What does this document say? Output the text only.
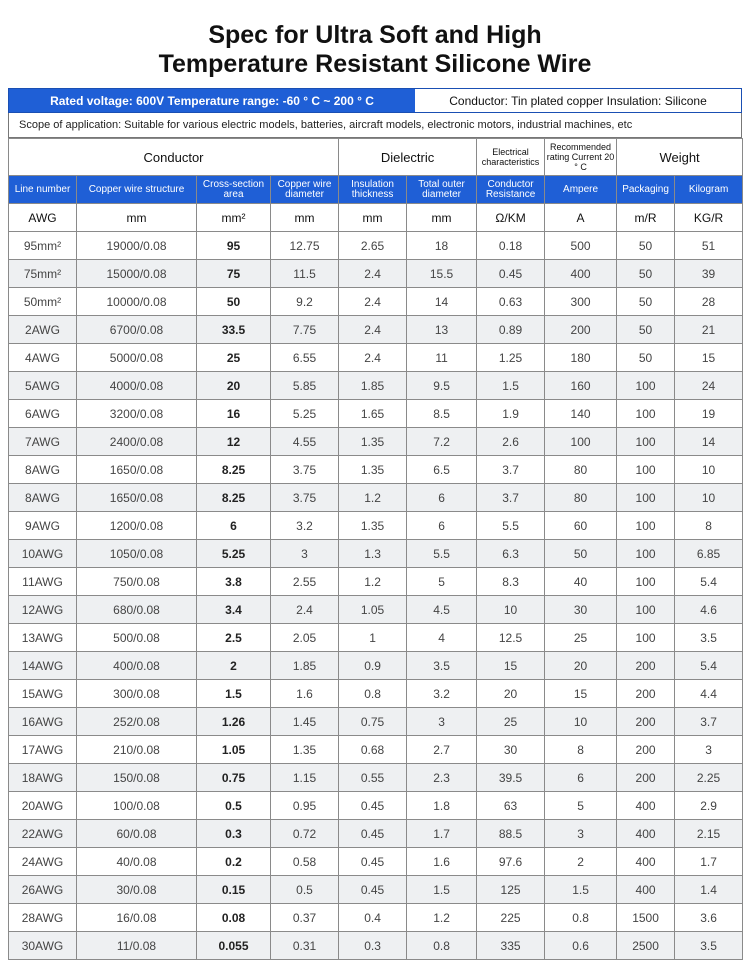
Spec for Ultra Soft and High
Temperature Resistant Silicone Wire
Rated voltage: 600V Temperature range: -60 ° C ~ 200 ° C	Conductor: Tin plated copper Insulation: Silicone
Scope of application: Suitable for various electric models, batteries, aircraft models, electronic motors, industrial machines, etc
Conductor				Dielectric		Electrical characteristics	Recommended rating Current 20 ° C	Weight	
Line number	Copper wire structure	Cross-section area	Copper wire diameter	Insulation thickness	Total outer diameter	Conductor Resistance	Ampere	Packaging	Kilogram
AWG	mm	mm²	mm	mm	mm	Ω/KM	A	m/R	KG/R
95mm²	19000/0.08	95	12.75	2.65	18	0.18	500	50	51
75mm²	15000/0.08	75	11.5	2.4	15.5	0.45	400	50	39
50mm²	10000/0.08	50	9.2	2.4	14	0.63	300	50	28
2AWG	6700/0.08	33.5	7.75	2.4	13	0.89	200	50	21
4AWG	5000/0.08	25	6.55	2.4	11	1.25	180	50	15
5AWG	4000/0.08	20	5.85	1.85	9.5	1.5	160	100	24
6AWG	3200/0.08	16	5.25	1.65	8.5	1.9	140	100	19
7AWG	2400/0.08	12	4.55	1.35	7.2	2.6	100	100	14
8AWG	1650/0.08	8.25	3.75	1.35	6.5	3.7	80	100	10
8AWG	1650/0.08	8.25	3.75	1.2	6	3.7	80	100	10
9AWG	1200/0.08	6	3.2	1.35	6	5.5	60	100	8
10AWG	1050/0.08	5.25	3	1.3	5.5	6.3	50	100	6.85
11AWG	750/0.08	3.8	2.55	1.2	5	8.3	40	100	5.4
12AWG	680/0.08	3.4	2.4	1.05	4.5	10	30	100	4.6
13AWG	500/0.08	2.5	2.05	1	4	12.5	25	100	3.5
14AWG	400/0.08	2	1.85	0.9	3.5	15	20	200	5.4
15AWG	300/0.08	1.5	1.6	0.8	3.2	20	15	200	4.4
16AWG	252/0.08	1.26	1.45	0.75	3	25	10	200	3.7
17AWG	210/0.08	1.05	1.35	0.68	2.7	30	8	200	3
18AWG	150/0.08	0.75	1.15	0.55	2.3	39.5	6	200	2.25
20AWG	100/0.08	0.5	0.95	0.45	1.8	63	5	400	2.9
22AWG	60/0.08	0.3	0.72	0.45	1.7	88.5	3	400	2.15
24AWG	40/0.08	0.2	0.58	0.45	1.6	97.6	2	400	1.7
26AWG	30/0.08	0.15	0.5	0.45	1.5	125	1.5	400	1.4
28AWG	16/0.08	0.08	0.37	0.4	1.2	225	0.8	1500	3.6
30AWG	11/0.08	0.055	0.31	0.3	0.8	335	0.6	2500	3.5
